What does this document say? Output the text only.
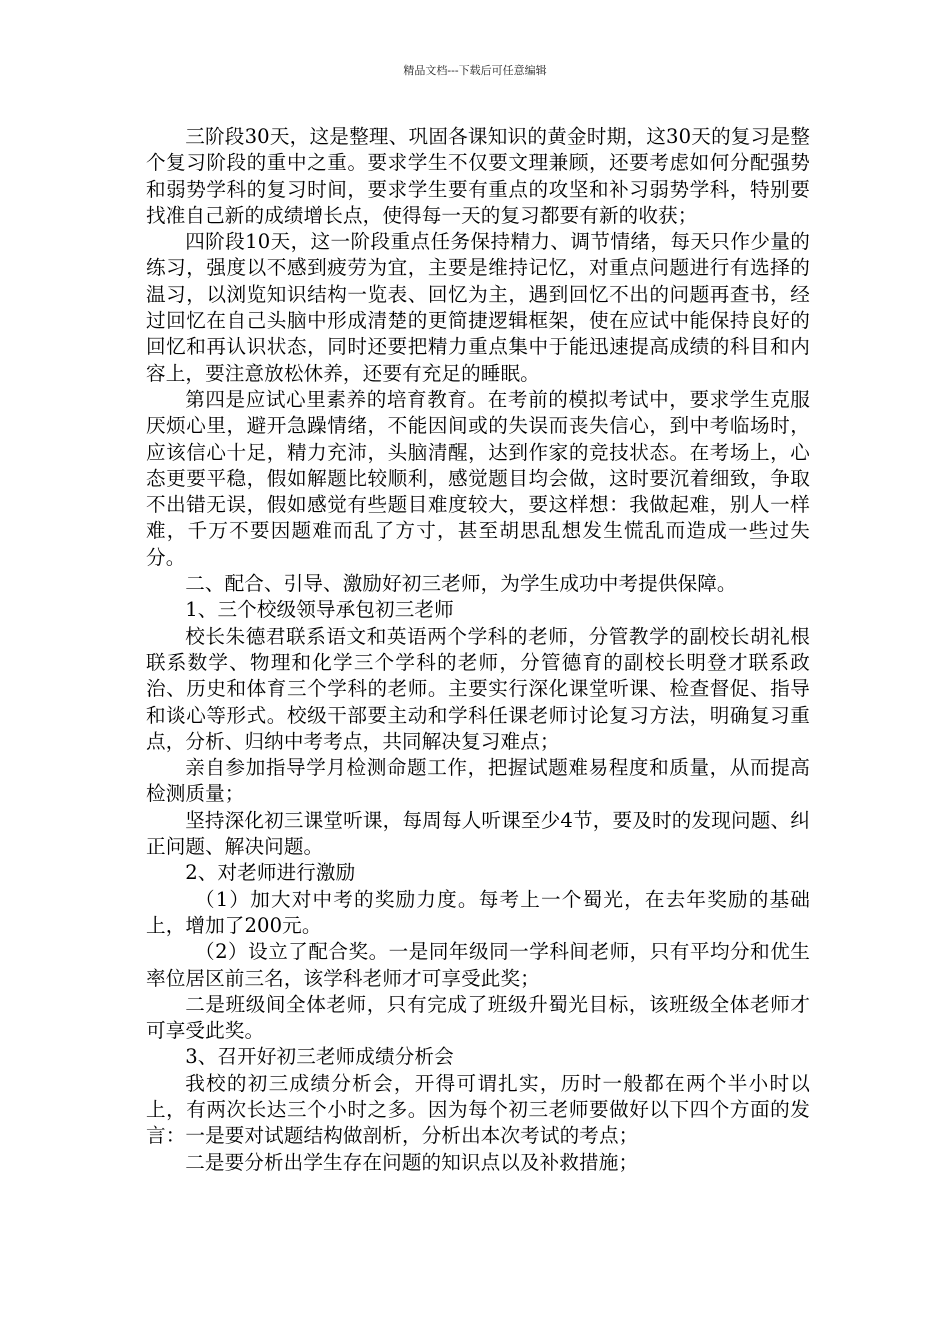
精品文档---下载后可任意编辑

三阶段30天，这是整理、巩固各课知识的黄金时期，这30天的复习是整个复习阶段的重中之重。要求学生不仅要文理兼顾，还要考虑如何分配强势和弱势学科的复习时间，要求学生要有重点的攻坚和补习弱势学科，特别要找准自己新的成绩增长点，使得每一天的复习都要有新的收获；

四阶段10天，这一阶段重点任务保持精力、调节情绪，每天只作少量的练习，强度以不感到疲劳为宜，主要是维持记忆，对重点问题进行有选择的温习，以浏览知识结构一览表、回忆为主，遇到回忆不出的问题再查书，经过回忆在自己头脑中形成清楚的更简捷逻辑框架，使在应试中能保持良好的回忆和再认识状态，同时还要把精力重点集中于能迅速提高成绩的科目和内容上，要注意放松休养，还要有充足的睡眠。

第四是应试心里素养的培育教育。在考前的模拟考试中，要求学生克服厌烦心里，避开急躁情绪，不能因间或的失误而丧失信心，到中考临场时，应该信心十足，精力充沛，头脑清醒，达到作家的竞技状态。在考场上，心态更要平稳，假如解题比较顺利，感觉题目均会做，这时要沉着细致，争取不出错无误，假如感觉有些题目难度较大，要这样想：我做起难，别人一样难，千万不要因题难而乱了方寸，甚至胡思乱想发生慌乱而造成一些过失分。

二、配合、引导、激励好初三老师，为学生成功中考提供保障。

1、三个校级领导承包初三老师

校长朱德君联系语文和英语两个学科的老师，分管教学的副校长胡礼根联系数学、物理和化学三个学科的老师，分管德育的副校长明登才联系政治、历史和体育三个学科的老师。主要实行深化课堂听课、检查督促、指导和谈心等形式。校级干部要主动和学科任课老师讨论复习方法，明确复习重点，分析、归纳中考考点，共同解决复习难点；

亲自参加指导学月检测命题工作，把握试题难易程度和质量，从而提高检测质量；

坚持深化初三课堂听课，每周每人听课至少4节，要及时的发现问题、纠正问题、解决问题。

2、对老师进行激励

（1）加大对中考的奖励力度。每考上一个蜀光，在去年奖励的基础上，增加了200元。

（2）设立了配合奖。一是同年级同一学科间老师，只有平均分和优生率位居区前三名，该学科老师才可享受此奖；

二是班级间全体老师，只有完成了班级升蜀光目标，该班级全体老师才可享受此奖。

3、召开好初三老师成绩分析会

我校的初三成绩分析会，开得可谓扎实，历时一般都在两个半小时以上，有两次长达三个小时之多。因为每个初三老师要做好以下四个方面的发言：一是要对试题结构做剖析，分析出本次考试的考点；

二是要分析出学生存在问题的知识点以及补救措施；
